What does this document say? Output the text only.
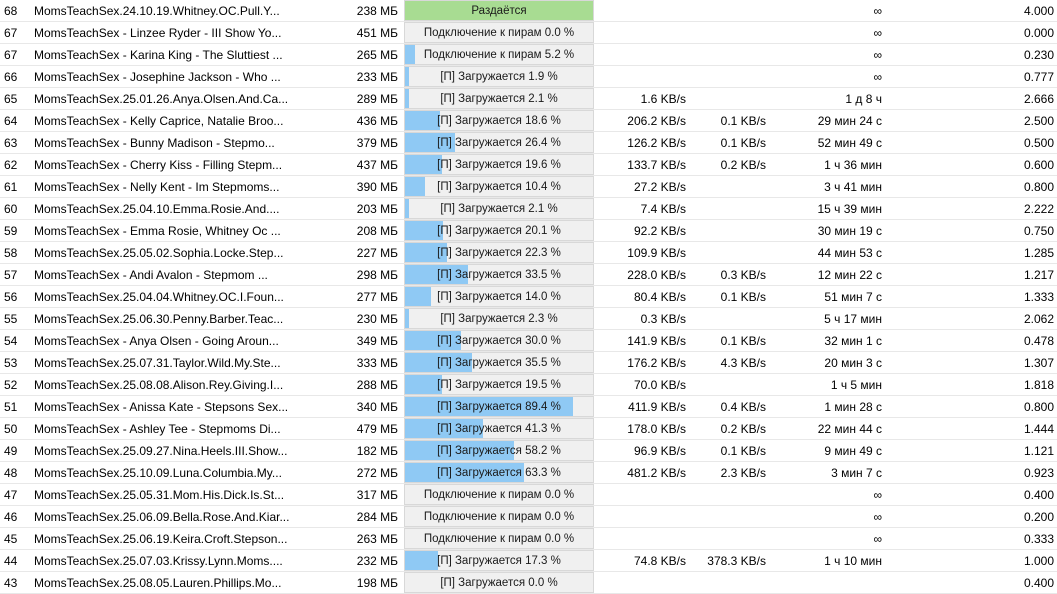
68	MomsTeachSex.24.10.19.Whitney.OC.Pull.Y...	238 МБ	Раздаётся			∞		4.000	
67	MomsTeachSex - Linzee Ryder - III Show Yo...	451 МБ	Подключение к пирам 0.0 %			∞		0.000	
67	MomsTeachSex - Karina King - The Sluttiest ...	265 МБ	Подключение к пирам 5.2 %			∞		0.230	
66	MomsTeachSex - Josephine Jackson - Who ...	233 МБ	[П] Загружается 1.9 %			∞		0.777	
65	MomsTeachSex.25.01.26.Anya.Olsen.And.Ca...	289 МБ	[П] Загружается 2.1 %	1.6 KB/s		1 д 8 ч		2.666	
64	MomsTeachSex - Kelly Caprice, Natalie Broo...	436 МБ	[П] Загружается 18.6 %	206.2 KB/s	0.1 KB/s	29 мин 24 с		2.500	
63	MomsTeachSex - Bunny Madison - Stepmo...	379 МБ	[П] Загружается 26.4 %	126.2 KB/s	0.1 KB/s	52 мин 49 с		0.500	
62	MomsTeachSex - Cherry Kiss - Filling Stepm...	437 МБ	[П] Загружается 19.6 %	133.7 KB/s	0.2 KB/s	1 ч 36 мин		0.600	
61	MomsTeachSex - Nelly Kent - Im Stepmoms...	390 МБ	[П] Загружается 10.4 %	27.2 KB/s		3 ч 41 мин		0.800	
60	MomsTeachSex.25.04.10.Emma.Rosie.And....	203 МБ	[П] Загружается 2.1 %	7.4 KB/s		15 ч 39 мин		2.222	
59	MomsTeachSex - Emma Rosie, Whitney Oc ...	208 МБ	[П] Загружается 20.1 %	92.2 KB/s		30 мин 19 с		0.750	
58	MomsTeachSex.25.05.02.Sophia.Locke.Step...	227 МБ	[П] Загружается 22.3 %	109.9 KB/s		44 мин 53 с		1.285	
57	MomsTeachSex - Andi Avalon - Stepmom ...	298 МБ	[П] Загружается 33.5 %	228.0 KB/s	0.3 KB/s	12 мин 22 с		1.217	
56	MomsTeachSex.25.04.04.Whitney.OC.I.Foun...	277 МБ	[П] Загружается 14.0 %	80.4 KB/s	0.1 KB/s	51 мин 7 с		1.333	
55	MomsTeachSex.25.06.30.Penny.Barber.Teac...	230 МБ	[П] Загружается 2.3 %	0.3 KB/s		5 ч 17 мин		2.062	
54	MomsTeachSex - Anya Olsen - Going Aroun...	349 МБ	[П] Загружается 30.0 %	141.9 KB/s	0.1 KB/s	32 мин 1 с		0.478	
53	MomsTeachSex.25.07.31.Taylor.Wild.My.Ste...	333 МБ	[П] Загружается 35.5 %	176.2 KB/s	4.3 KB/s	20 мин 3 с		1.307	
52	MomsTeachSex.25.08.08.Alison.Rey.Giving.I...	288 МБ	[П] Загружается 19.5 %	70.0 KB/s		1 ч 5 мин		1.818	
51	MomsTeachSex - Anissa Kate - Stepsons Sex...	340 МБ	[П] Загружается 89.4 %	411.9 KB/s	0.4 KB/s	1 мин 28 с		0.800	
50	MomsTeachSex - Ashley Tee - Stepmoms Di...	479 МБ	[П] Загружается 41.3 %	178.0 KB/s	0.2 KB/s	22 мин 44 с		1.444	
49	MomsTeachSex.25.09.27.Nina.Heels.III.Show...	182 МБ	[П] Загружается 58.2 %	96.9 KB/s	0.1 KB/s	9 мин 49 с		1.121	
48	MomsTeachSex.25.10.09.Luna.Columbia.My...	272 МБ	[П] Загружается 63.3 %	481.2 KB/s	2.3 KB/s	3 мин 7 с		0.923	
47	MomsTeachSex.25.05.31.Mom.His.Dick.Is.St...	317 МБ	Подключение к пирам 0.0 %			∞		0.400	
46	MomsTeachSex.25.06.09.Bella.Rose.And.Kiar...	284 МБ	Подключение к пирам 0.0 %			∞		0.200	
45	MomsTeachSex.25.06.19.Keira.Croft.Stepson...	263 МБ	Подключение к пирам 0.0 %			∞		0.333	
44	MomsTeachSex.25.07.03.Krissy.Lynn.Moms....	232 МБ	[П] Загружается 17.3 %	74.8 KB/s	378.3 KB/s	1 ч 10 мин		1.000	
43	MomsTeachSex.25.08.05.Lauren.Phillips.Mo...	198 МБ	[П] Загружается 0.0 %					0.400	
